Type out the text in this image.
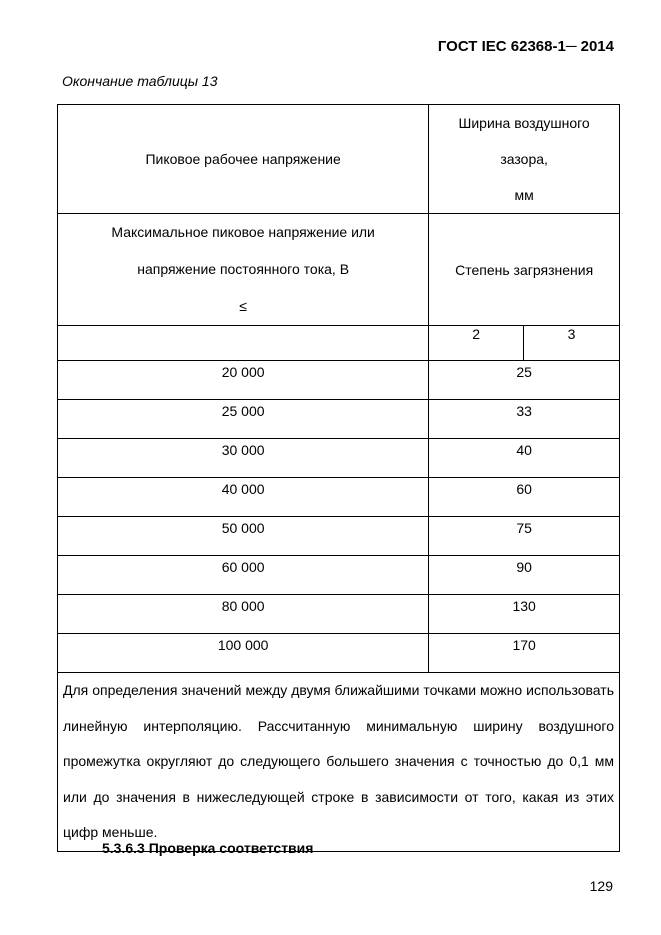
ГОСТ IEC 62368-1─ 2014
Окончание таблицы 13
Пиковое рабочее напряжение	Ширина воздушного
зазора,
мм	

Максимальное пиковое напряжение или
напряжение постоянного тока, В
≤	Степень загрязнения	
	2	3
20 000	25	
25 000	33	
30 000	40	
40 000	60	
50 000	75	
60 000	90	
80 000	130	
100 000	170	
Для определения значений между двумя ближайшими точками можно использовать линейную интерполяцию. Рассчитанную минимальную ширину воздушного промежутка округляют до следующего большего значения с точностью до 0,1 мм или до значения в нижеследующей строке в зависимости от того, какая из этих цифр меньше.		
5.3.6.3 Проверка соответствия
129
